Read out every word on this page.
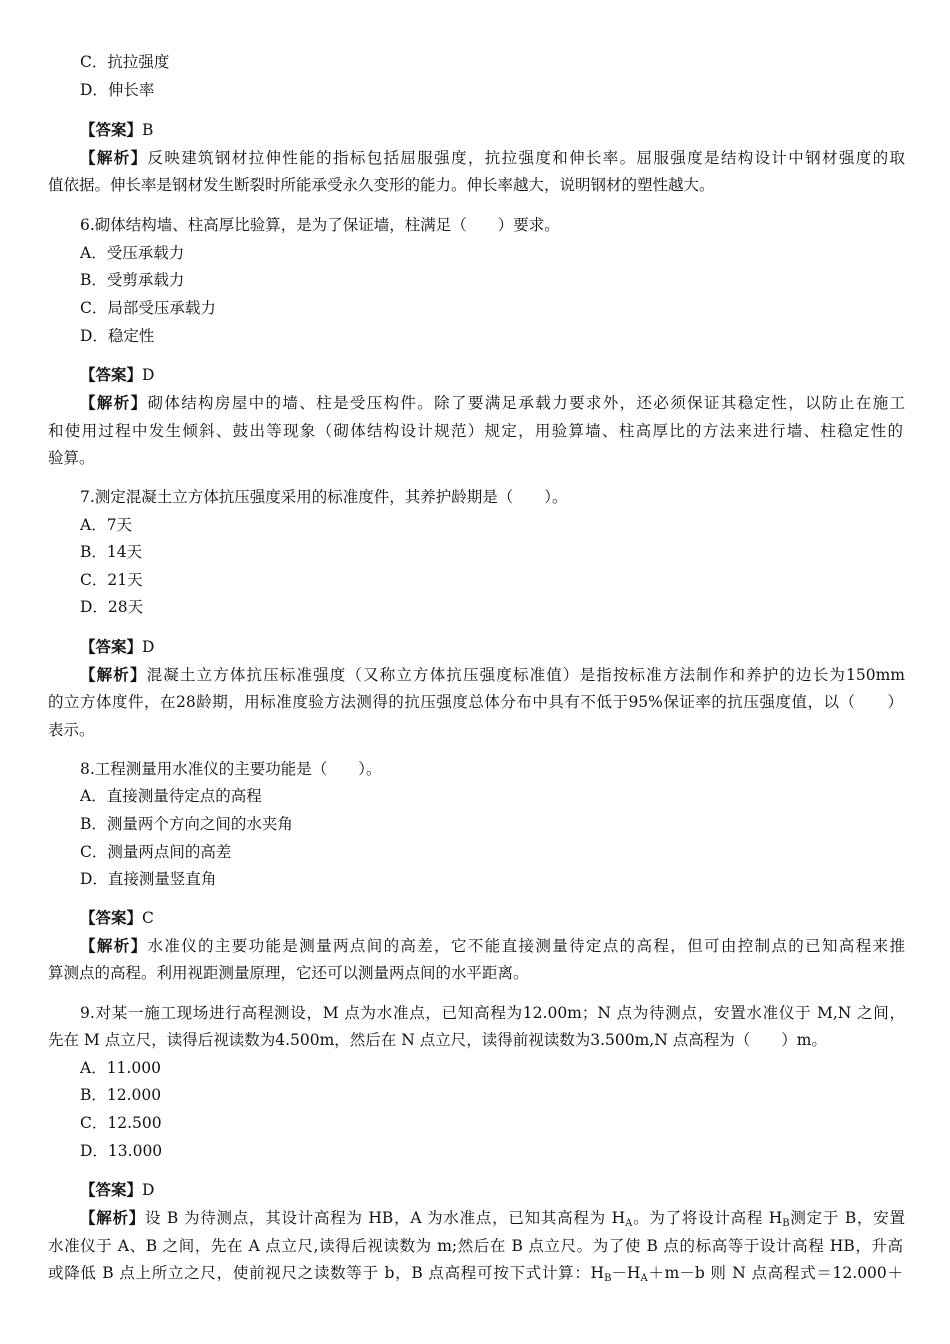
C．抗拉强度
D．伸长率
【答案】B
【解析】反映建筑钢材拉伸性能的指标包括屈服强度，抗拉强度和伸长率。屈服强度是结构设计中钢材强度的取
值依据。伸长率是钢材发生断裂时所能承受永久变形的能力。伸长率越大，说明钢材的塑性越大。
6.砌体结构墙、柱高厚比验算，是为了保证墙，柱满足（　　）要求。
A．受压承载力
B．受剪承载力
C．局部受压承载力
D．稳定性
【答案】D
【解析】砌体结构房屋中的墙、柱是受压构件。除了要满足承载力要求外，还必须保证其稳定性，以防止在施工
和使用过程中发生倾斜、鼓出等现象（砌体结构设计规范）规定，用验算墙、柱高厚比的方法来进行墙、柱稳定性的
验算。
7.测定混凝土立方体抗压强度采用的标准度件，其养护龄期是（　　）。
A．7天
B．14天
C．21天
D．28天
【答案】D
【解析】混凝土立方体抗压标准强度（又称立方体抗压强度标准值）是指按标准方法制作和养护的边长为150mm
的立方体度件，在28龄期，用标准度验方法测得的抗压强度总体分布中具有不低于95%保证率的抗压强度值，以（　　）
表示。
8.工程测量用水准仪的主要功能是（　　）。
A．直接测量待定点的高程
B．测量两个方向之间的水夹角
C．测量两点间的高差
D．直接测量竖直角
【答案】C
【解析】水准仪的主要功能是测量两点间的高差，它不能直接测量待定点的高程，但可由控制点的已知高程来推
算测点的高程。利用视距测量原理，它还可以测量两点间的水平距离。
9.对某一施工现场进行高程测设，M 点为水准点，已知高程为12.00m；N 点为待测点，安置水准仪于 M,N 之间，
先在 M 点立尺，读得后视读数为4.500m，然后在 N 点立尺，读得前视读数为3.500m,N 点高程为（　　）m。
A．11.000
B．12.000
C．12.500
D．13.000
【答案】D
【解析】设 B 为待测点，其设计高程为 HB，A 为水准点，已知其高程为 $H_A$。为了将设计高程 $H_B$测定于 B，安置
水准仪于 A、B 之间，先在 A 点立尺,读得后视读数为 m;然后在 B 点立尺。为了使 B 点的标高等于设计高程 HB，升高
或降低 B 点上所立之尺，使前视尺之读数等于 b，B 点高程可按下式计算：$H_B-H_A+m-b$ 则 N 点高程式＝12.000＋
